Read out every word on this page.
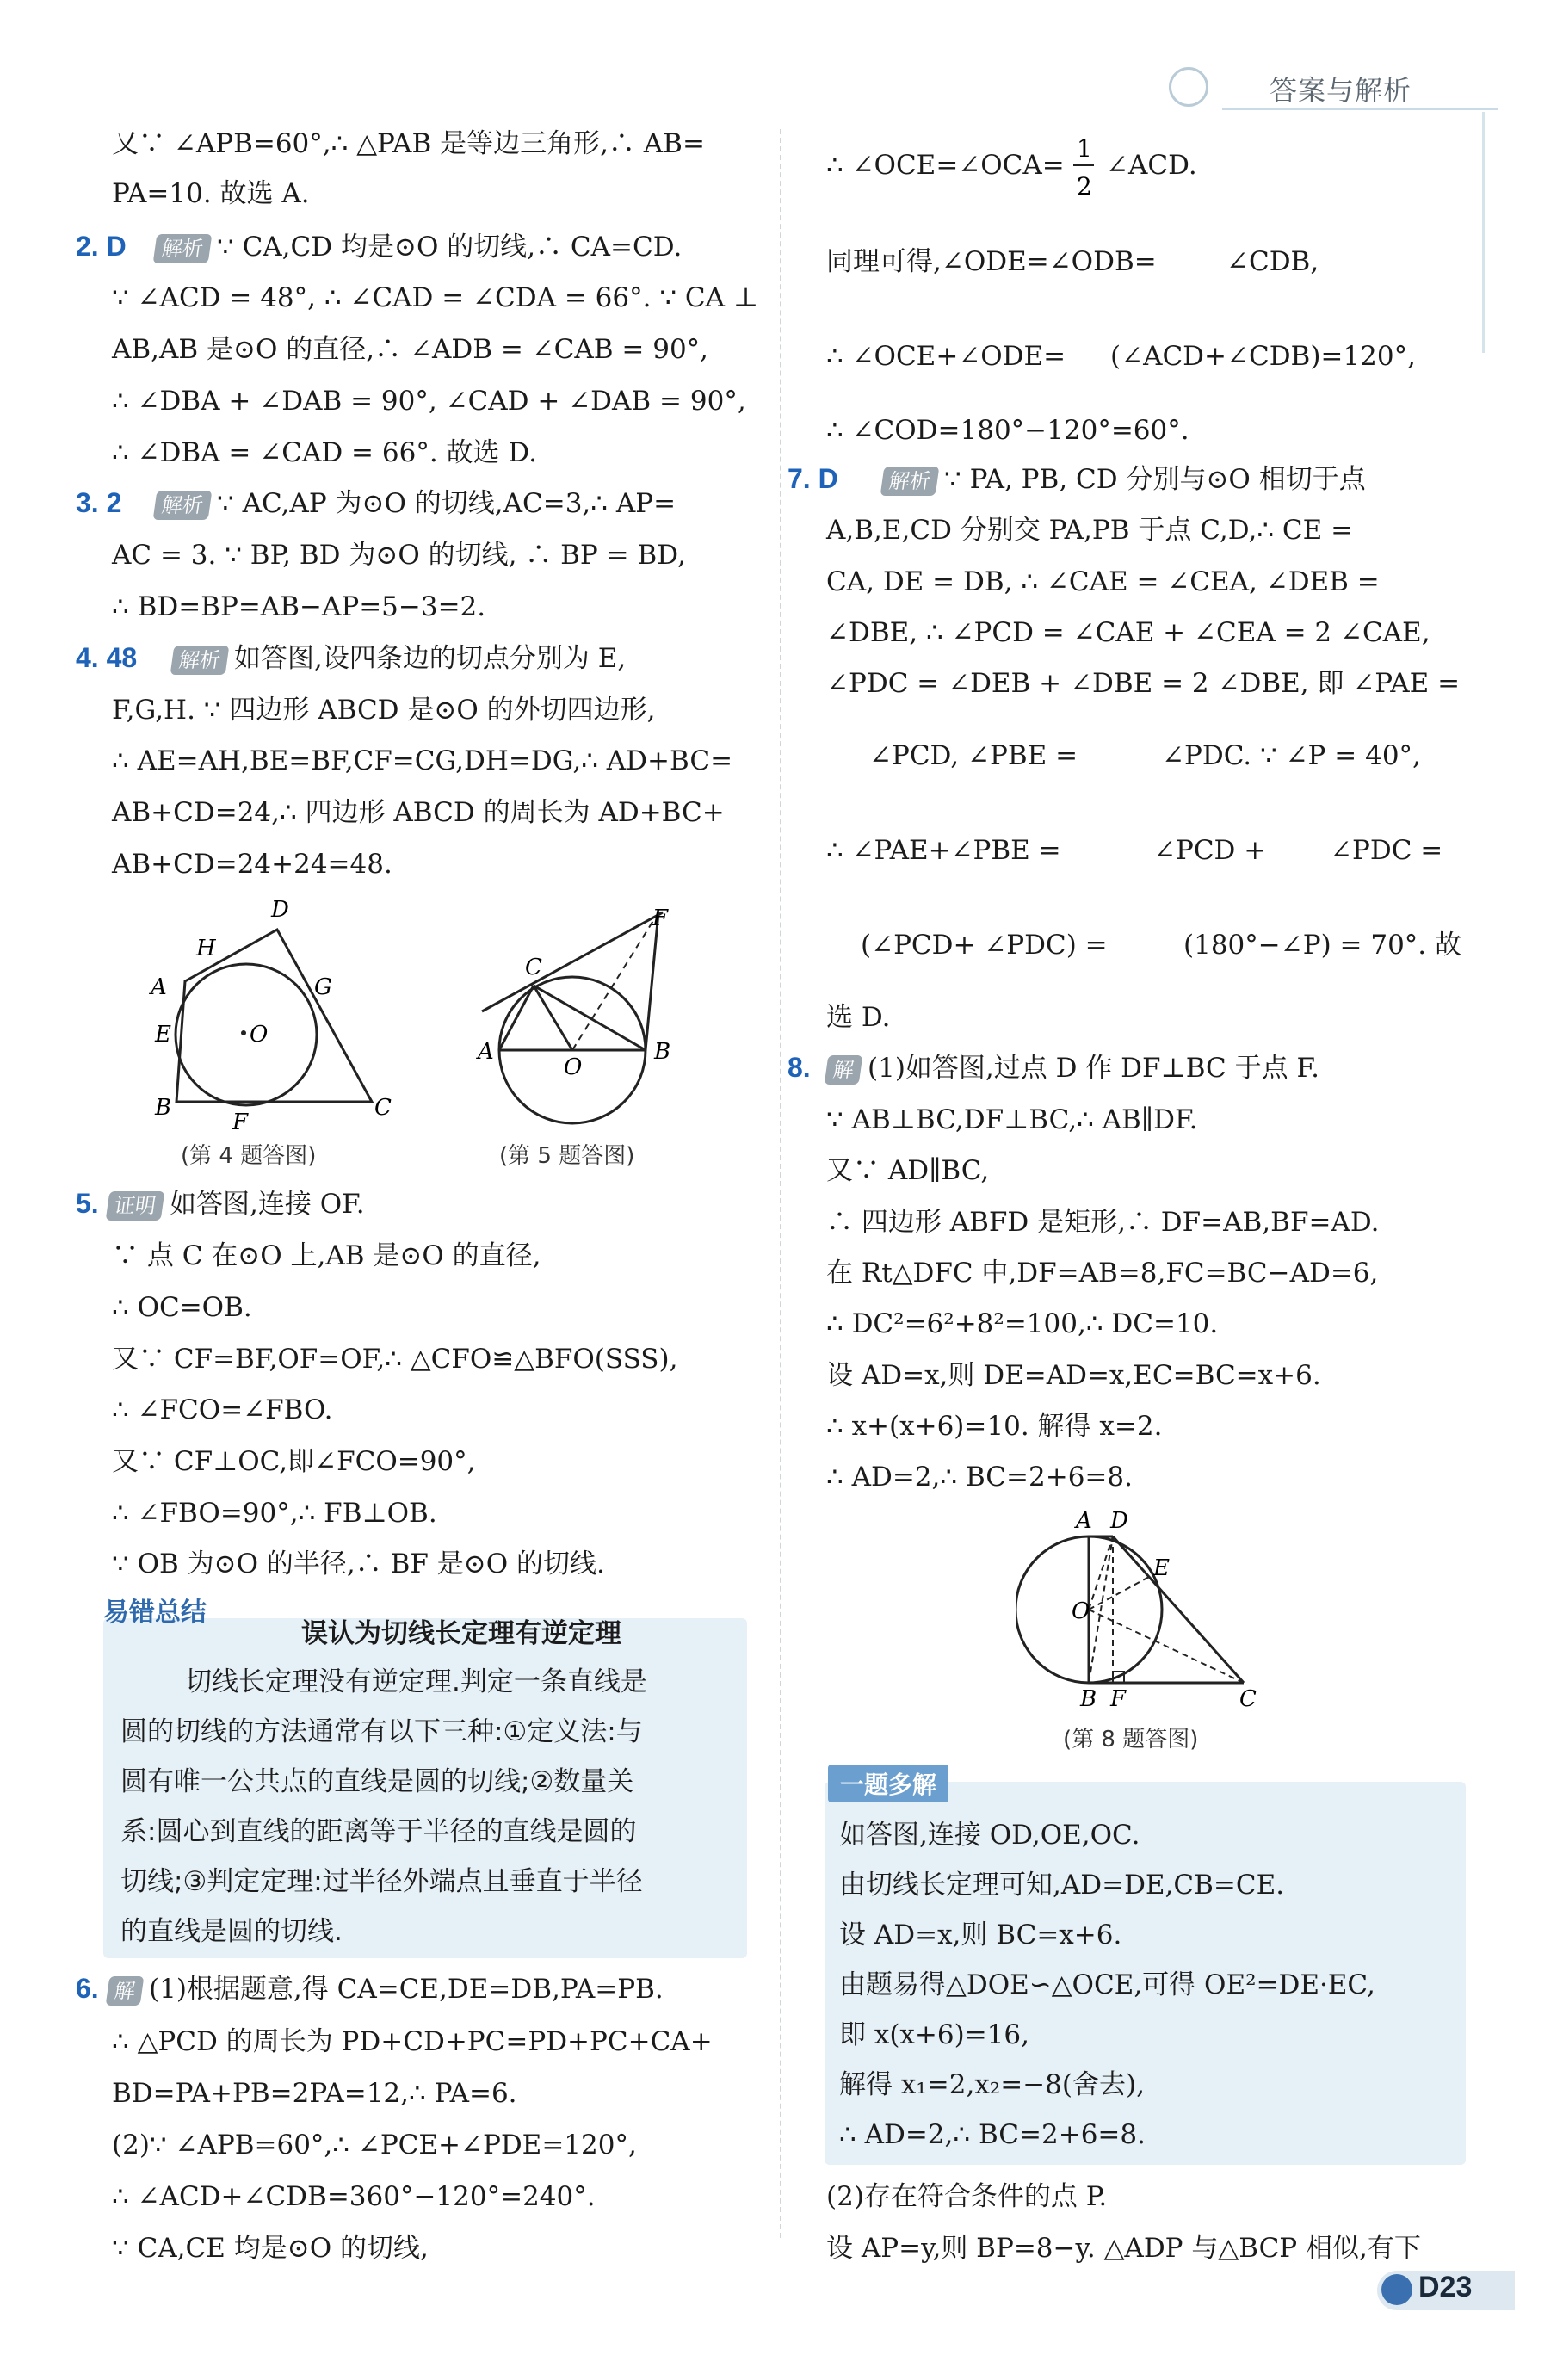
答案与解析
又∵ ∠APB=60°,∴ △PAB 是等边三角形,∴ AB=
PA=10. 故选 A.
2. D	解析 ∵ CA,CD 均是⊙O 的切线,∴ CA=CD.
∵ ∠ACD = 48°, ∴ ∠CAD = ∠CDA = 66°. ∵ CA ⊥
AB,AB 是⊙O 的直径,∴ ∠ADB = ∠CAB = 90°,
∴ ∠DBA + ∠DAB = 90°, ∠CAD + ∠DAB = 90°,
∴ ∠DBA = ∠CAD = 66°. 故选 D.
3. 2	解析 ∵ AC,AP 为⊙O 的切线,AC=3,∴ AP=
AC = 3. ∵ BP, BD 为⊙O 的切线, ∴ BP = BD,
∴ BD=BP=AB−AP=5−3=2.
4. 48	解析 如答图,设四条边的切点分别为 E,
F,G,H. ∵ 四边形 ABCD 是⊙O 的外切四边形,
∴ AE=AH,BE=BF,CF=CG,DH=DG,∴ AD+BC=
AB+CD=24,∴ 四边形 ABCD 的周长为 AD+BC+
AB+CD=24+24=48.
D
H
A	G
E	O
B
F
C
(第 4 题答图)
F
C
A
O
B
(第 5 题答图)
5. 证明 如答图,连接 OF.
∵ 点 C 在⊙O 上,AB 是⊙O 的直径,
∴ OC=OB.
又∵ CF=BF,OF=OF,∴ △CFO≌△BFO(SSS),
∴ ∠FCO=∠FBO.
又∵ CF⊥OC,即∠FCO=90°,
∴ ∠FBO=90°,∴ FB⊥OB.
∵ OB 为⊙O 的半径,∴ BF 是⊙O 的切线.
易错总结
误认为切线长定理有逆定理
切线长定理没有逆定理.判定一条直线是
圆的切线的方法通常有以下三种:①定义法:与
圆有唯一公共点的直线是圆的切线;②数量关
系:圆心到直线的距离等于半径的直线是圆的
切线;③判定定理:过半径外端点且垂直于半径
的直线是圆的切线.
6. 解 (1)根据题意,得 CA=CE,DE=DB,PA=PB.
∴ △PCD 的周长为 PD+CD+PC=PD+PC+CA+
BD=PA+PB=2PA=12,∴ PA=6.
(2)∵ ∠APB=60°,∴ ∠PCE+∠PDE=120°,
∴ ∠ACD+∠CDB=360°−120°=240°.
∵ CA,CE 均是⊙O 的切线,
∴ ∠OCE=∠OCA=
1
2
∠ACD.
同理可得,∠ODE=∠ODB=	∠CDB,
∴ ∠OCE+∠ODE= (∠ACD+∠CDB)=120°,
∴ ∠COD=180°−120°=60°.
7. D	解析 ∵ PA, PB, CD 分别与⊙O 相切于点
A,B,E,CD 分别交 PA,PB 于点 C,D,∴ CE =
CA, DE = DB, ∴ ∠CAE = ∠CEA, ∠DEB =
∠DBE, ∴ ∠PCD = ∠CAE + ∠CEA = 2 ∠CAE,
∠PDC = ∠DEB + ∠DBE = 2 ∠DBE, 即 ∠PAE =
∠PCD, ∠PBE =	∠PDC. ∵ ∠P = 40°,
∴ ∠PAE+∠PBE =	∠PCD + ∠PDC =
(∠PCD+ ∠PDC) =	(180°−∠P) = 70°. 故
选 D.
8.	解 (1)如答图,过点 D 作 DF⊥BC 于点 F.
∵ AB⊥BC,DF⊥BC,∴ AB∥DF.
又∵ AD∥BC,
∴ 四边形 ABFD 是矩形,∴ DF=AB,BF=AD.
在 Rt△DFC 中,DF=AB=8,FC=BC−AD=6,
∴ DC²=6²+8²=100,∴ DC=10.
设 AD=x,则 DE=AD=x,EC=BC=x+6.
∴ x+(x+6)=10. 解得 x=2.
∴ AD=2,∴ BC=2+6=8.
A D
E
O
B F	C
(第 8 题答图)
一题多解
如答图,连接 OD,OE,OC.
由切线长定理可知,AD=DE,CB=CE.
设 AD=x,则 BC=x+6.
由题易得△DOE∽△OCE,可得 OE²=DE·EC,
即 x(x+6)=16,
解得 x₁=2,x₂=−8(舍去),
∴ AD=2,∴ BC=2+6=8.
(2)存在符合条件的点 P.
设 AP=y,则 BP=8−y. △ADP 与△BCP 相似,有下
D23
